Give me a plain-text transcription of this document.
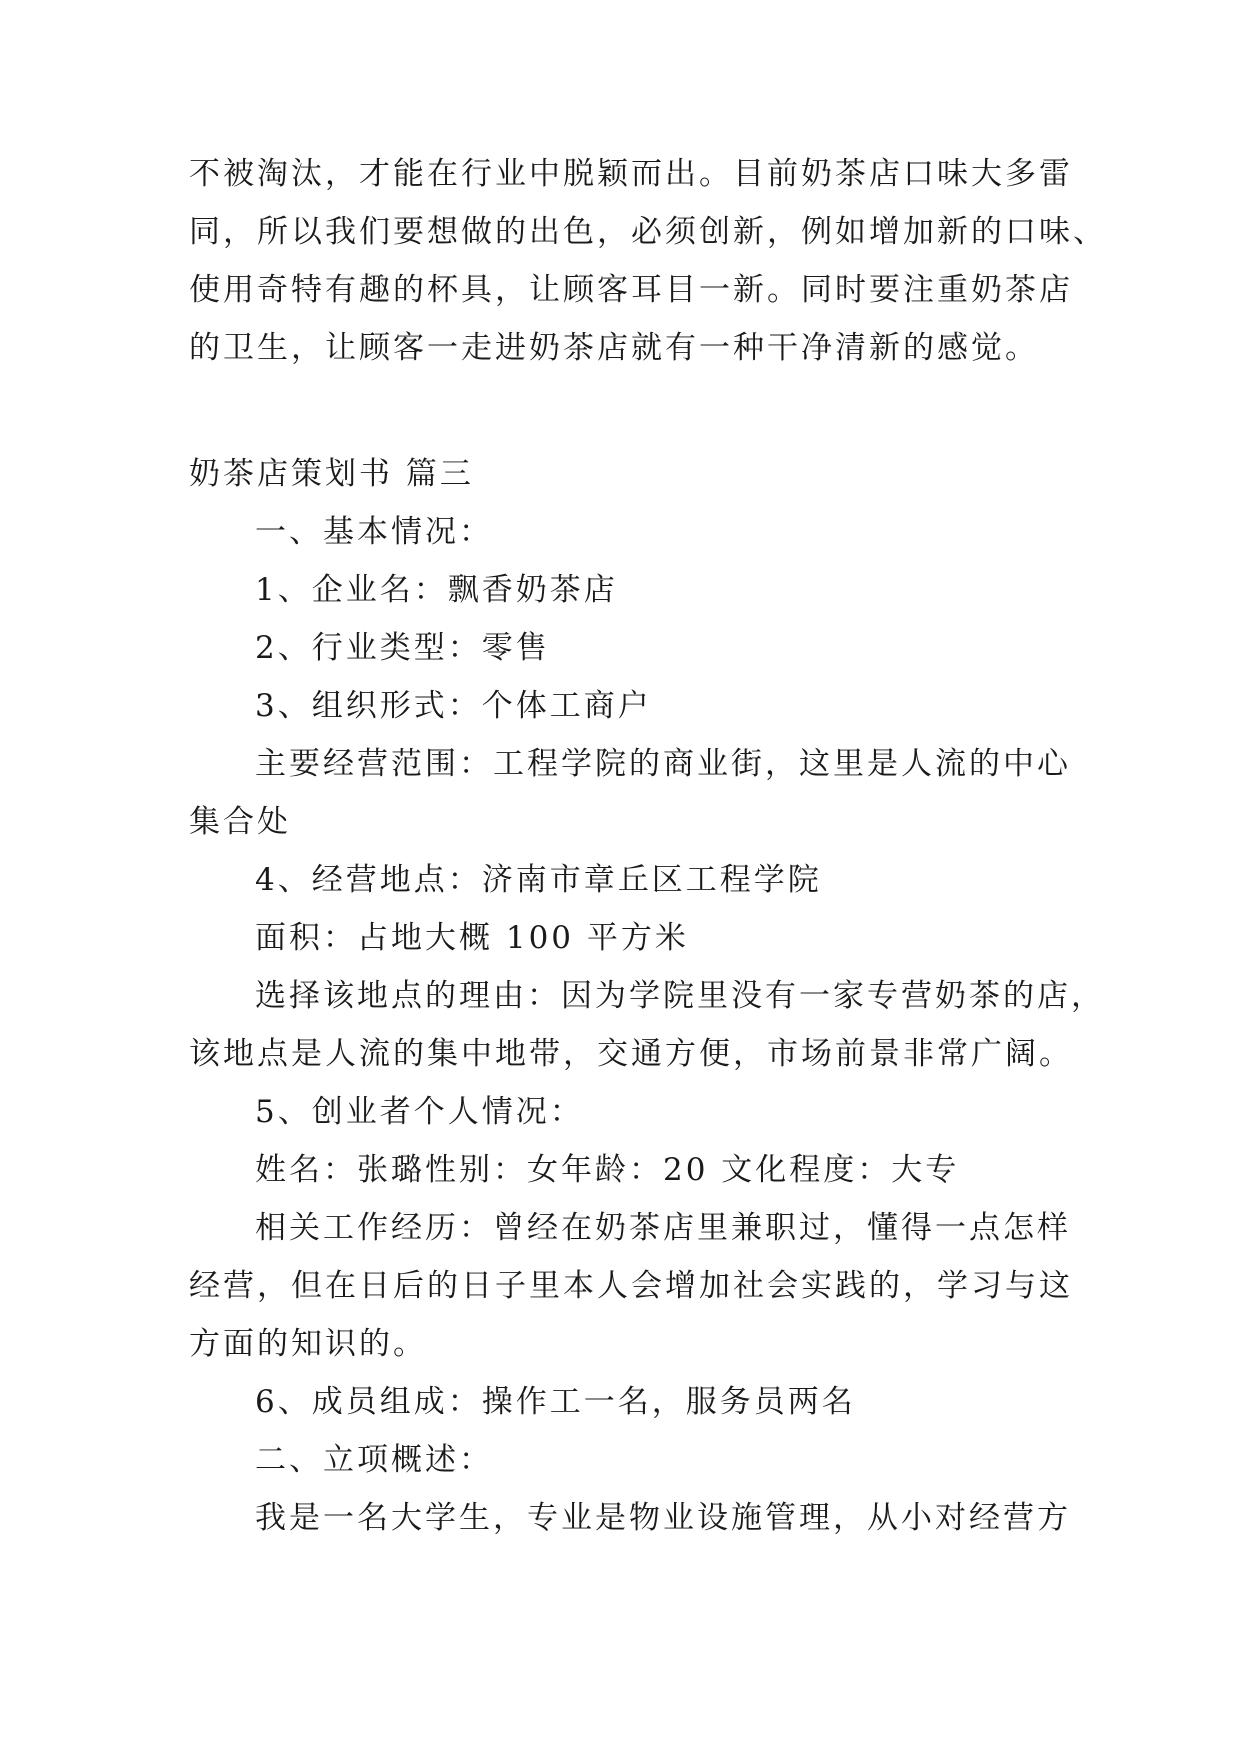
不被淘汰，才能在行业中脱颖而出。目前奶茶店口味大多雷
同，所以我们要想做的出色，必须创新，例如增加新的口味、
使用奇特有趣的杯具，让顾客耳目一新。同时要注重奶茶店
的卫生，让顾客一走进奶茶店就有一种干净清新的感觉。
奶茶店策划书 篇三
一、基本情况：
1、企业名：飘香奶茶店
2、行业类型：零售
3、组织形式：个体工商户
主要经营范围：工程学院的商业街，这里是人流的中心
集合处
4、经营地点：济南市章丘区工程学院
面积：占地大概 100 平方米
选择该地点的理由：因为学院里没有一家专营奶茶的店，
该地点是人流的集中地带，交通方便，市场前景非常广阔。
5、创业者个人情况：
姓名：张璐性别：女年龄：20 文化程度：大专
相关工作经历：曾经在奶茶店里兼职过，懂得一点怎样
经营，但在日后的日子里本人会增加社会实践的，学习与这
方面的知识的。
6、成员组成：操作工一名，服务员两名
二、立项概述：
我是一名大学生，专业是物业设施管理，从小对经营方
